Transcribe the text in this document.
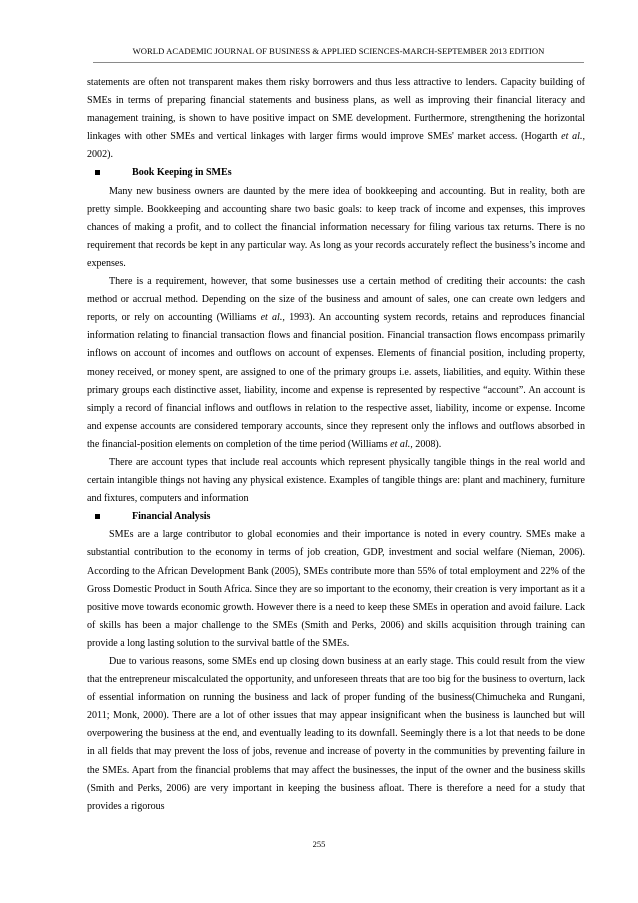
WORLD ACADEMIC JOURNAL OF BUSINESS & APPLIED SCIENCES-MARCH-SEPTEMBER 2013 EDITION

statements are often not transparent makes them risky borrowers and thus less attractive to lenders. Capacity building of SMEs in terms of preparing financial statements and business plans, as well as improving their financial literacy and management training, is shown to have positive impact on SME development. Furthermore, strengthening the horizontal linkages with other SMEs and vertical linkages with larger firms would improve SMEs' market access. (Hogarth et al., 2002).

Book Keeping in SMEs

Many new business owners are daunted by the mere idea of bookkeeping and accounting. But in reality, both are pretty simple. Bookkeeping and accounting share two basic goals: to keep track of income and expenses, this improves chances of making a profit, and to collect the financial information necessary for filing various tax returns. There is no requirement that records be kept in any particular way. As long as your records accurately reflect the business’s income and expenses.

There is a requirement, however, that some businesses use a certain method of crediting their accounts: the cash method or accrual method. Depending on the size of the business and amount of sales, one can create own ledgers and reports, or rely on accounting (Williams et al., 1993). An accounting system records, retains and reproduces financial information relating to financial transaction flows and financial position. Financial transaction flows encompass primarily inflows on account of incomes and outflows on account of expenses. Elements of financial position, including property, money received, or money spent, are assigned to one of the primary groups i.e. assets, liabilities, and equity. Within these primary groups each distinctive asset, liability, income and expense is represented by respective “account”. An account is simply a record of financial inflows and outflows in relation to the respective asset, liability, income or expense. Income and expense accounts are considered temporary accounts, since they represent only the inflows and outflows absorbed in the financial-position elements on completion of the time period (Williams et al., 2008).

There are account types that include real accounts which represent physically tangible things in the real world and certain intangible things not having any physical existence. Examples of tangible things are: plant and machinery, furniture and fixtures, computers and information

Financial Analysis

SMEs are a large contributor to global economies and their importance is noted in every country. SMEs make a substantial contribution to the economy in terms of job creation, GDP, investment and social welfare (Nieman, 2006). According to the African Development Bank (2005), SMEs contribute more than 55% of total employment and 22% of the Gross Domestic Product in South Africa. Since they are so important to the economy, their creation is very important as it a positive move towards economic growth. However there is a need to keep these SMEs in operation and avoid failure. Lack of skills has been a major challenge to the SMEs (Smith and Perks, 2006) and skills acquisition through training can provide a long lasting solution to the survival battle of the SMEs.

Due to various reasons, some SMEs end up closing down business at an early stage. This could result from the view that the entrepreneur miscalculated the opportunity, and unforeseen threats that are too big for the business to overturn, lack of essential information on running the business and lack of proper funding of the business(Chimucheka and Rungani, 2011; Monk, 2000). There are a lot of other issues that may appear insignificant when the business is launched but will overpowering the business at the end, and eventually leading to its downfall. Seemingly there is a lot that needs to be done in all fields that may prevent the loss of jobs, revenue and increase of poverty in the communities by preventing failure in the SMEs. Apart from the financial problems that may affect the businesses, the input of the owner and the business skills (Smith and Perks, 2006) are very important in keeping the business afloat. There is therefore a need for a study that provides a rigorous

255
